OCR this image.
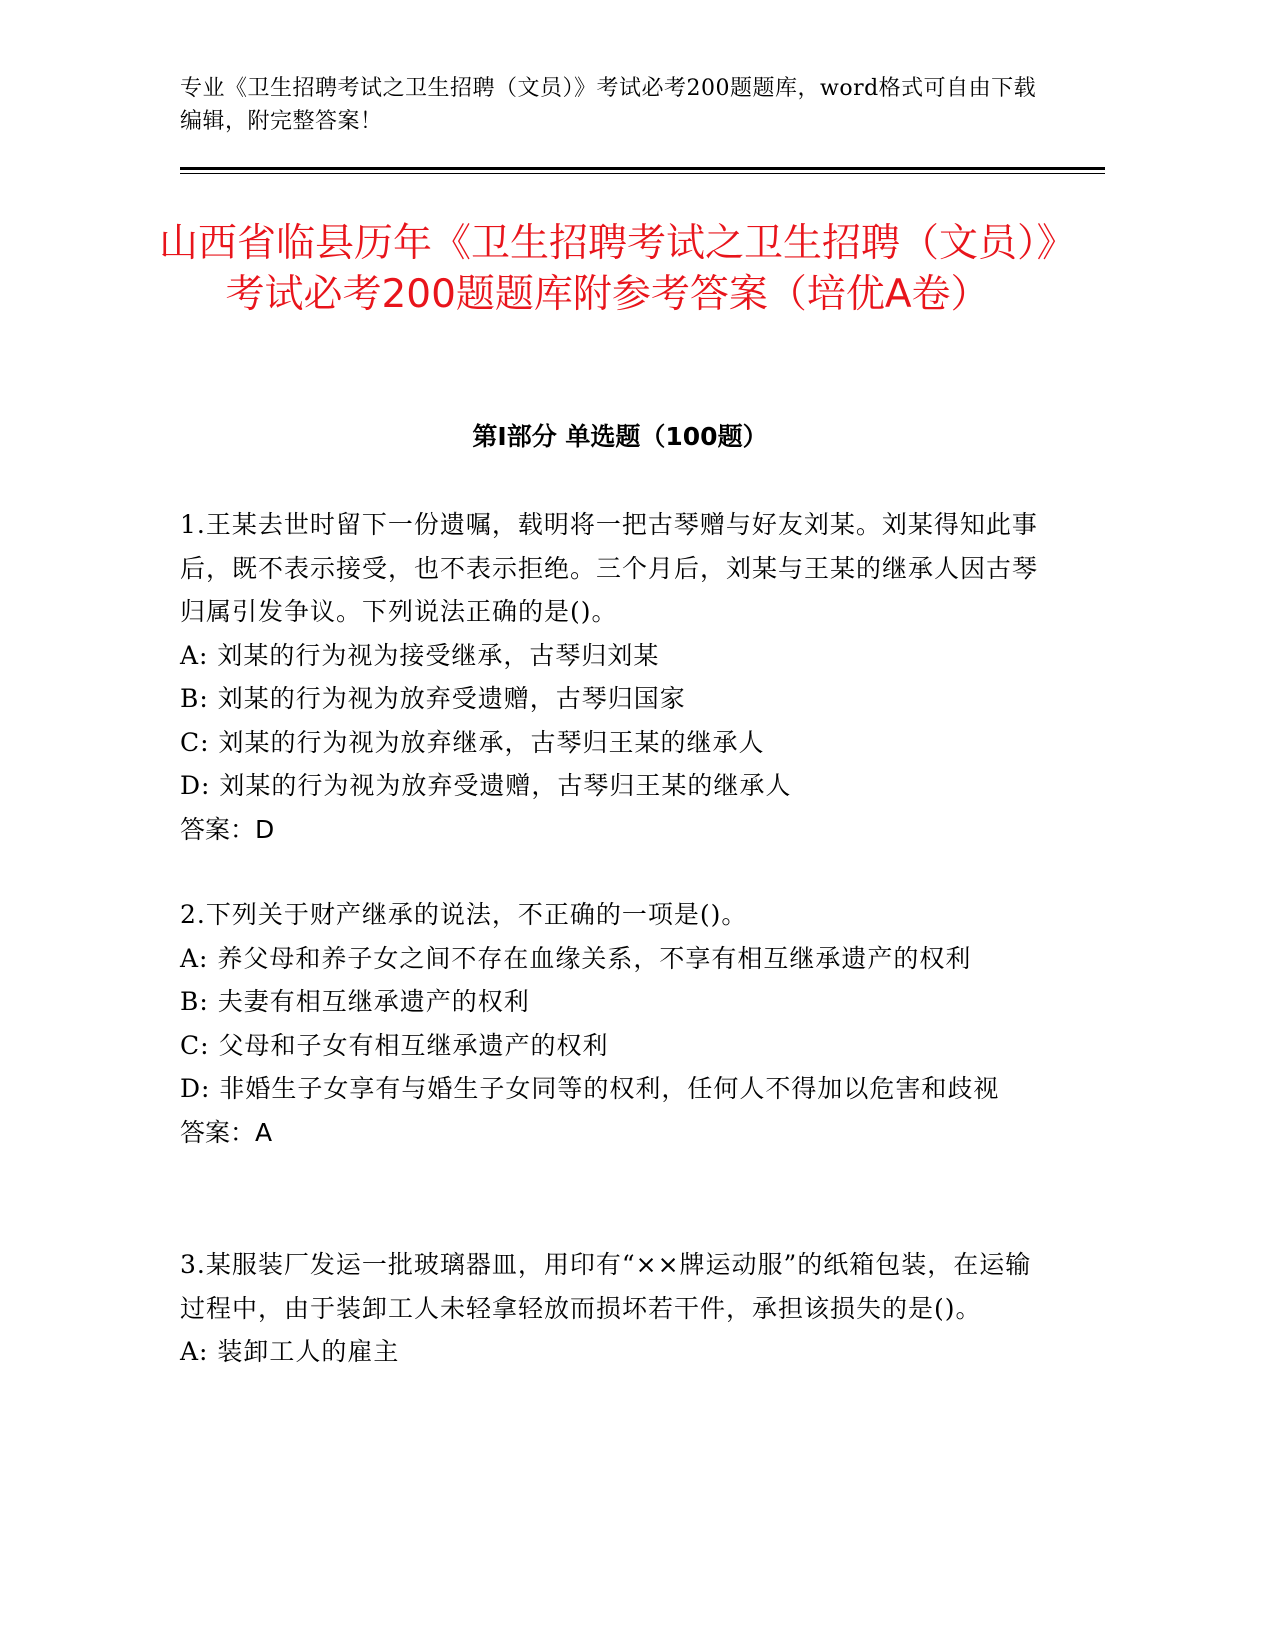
专业《卫生招聘考试之卫生招聘（文员）》考试必考200题题库，word格式可自由下载编辑，附完整答案！
山西省临县历年《卫生招聘考试之卫生招聘（文员）》考试必考200题题库附参考答案（培优A卷）
第I部分 单选题（100题）

1.王某去世时留下一份遗嘱，载明将一把古琴赠与好友刘某。刘某得知此事后，既不表示接受，也不表示拒绝。三个月后，刘某与王某的继承人因古琴归属引发争议。下列说法正确的是()。

A: 刘某的行为视为接受继承，古琴归刘某

B: 刘某的行为视为放弃受遗赠，古琴归国家

C: 刘某的行为视为放弃继承，古琴归王某的继承人

D: 刘某的行为视为放弃受遗赠，古琴归王某的继承人

答案：D

2.下列关于财产继承的说法，不正确的一项是()。

A: 养父母和养子女之间不存在血缘关系，不享有相互继承遗产的权利

B: 夫妻有相互继承遗产的权利

C: 父母和子女有相互继承遗产的权利

D: 非婚生子女享有与婚生子女同等的权利，任何人不得加以危害和歧视

答案：A

3.某服装厂发运一批玻璃器皿，用印有“××牌运动服”的纸箱包装，在运输过程中，由于装卸工人未轻拿轻放而损坏若干件，承担该损失的是()。

A: 装卸工人的雇主
